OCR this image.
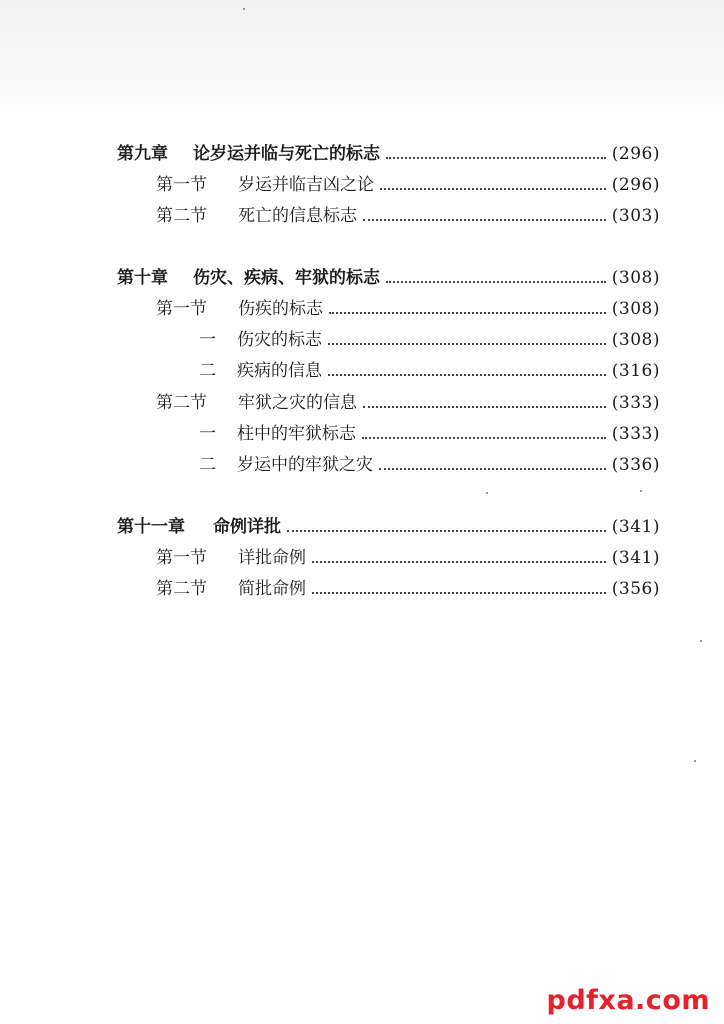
第九章	论岁运并临与死亡的标志	(296)
第一节	岁运并临吉凶之论	(296)
第二节	死亡的信息标志	(303)
第十章	伤灾、疾病、牢狱的标志	(308)
第一节	伤疾的标志	(308)
一	伤灾的标志	(308)
二	疾病的信息	(316)
第二节	牢狱之灾的信息	(333)
一	柱中的牢狱标志	(333)
二	岁运中的牢狱之灾	(336)
第十一章	命例详批	(341)
第一节	详批命例	(341)
第二节	简批命例	(356)
pdfxa.com
